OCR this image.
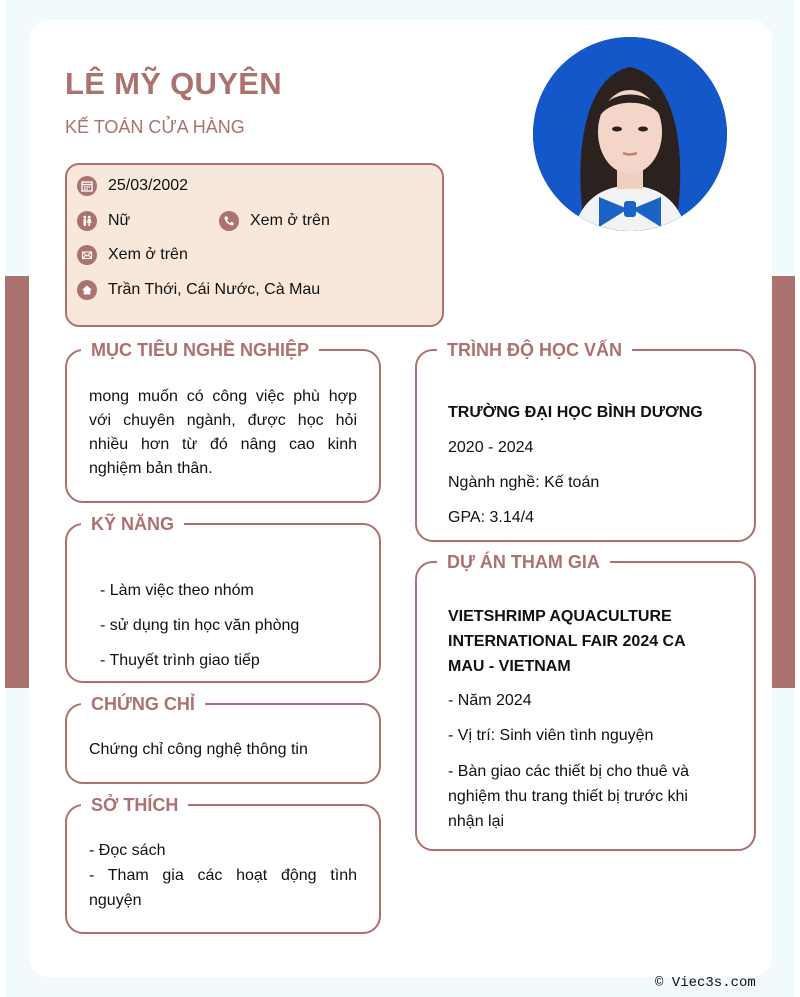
LÊ MỸ QUYÊN
KẾ TOÁN CỬA HÀNG
25/03/2002
Nữ	Xem ở trên
Xem ở trên
Trần Thới, Cái Nước, Cà Mau
MỤC TIÊU NGHỀ NGHIỆP
mong muốn có công việc phù hợp với chuyên ngành, được học hỏi nhiều hơn từ đó nâng cao kinh nghiệm bản thân.
KỸ NĂNG
- Làm việc theo nhóm
- sử dụng tin học văn phòng
- Thuyết trình giao tiếp
CHỨNG CHỈ
Chứng chỉ công nghệ thông tin
SỞ THÍCH
- Đọc sách
- Tham gia các hoạt động tình nguyện
TRÌNH ĐỘ HỌC VẤN
TRƯỜNG ĐẠI HỌC BÌNH DƯƠNG
2020 - 2024
Ngành nghề: Kế toán
GPA: 3.14/4
DỰ ÁN THAM GIA
VIETSHRIMP AQUACULTURE INTERNATIONAL FAIR 2024 CA MAU - VIETNAM
- Năm 2024
- Vị trí: Sinh viên tình nguyện
- Bàn giao các thiết bị cho thuê và nghiệm thu trang thiết bị trước khi nhận lại
© Viec3s.com
